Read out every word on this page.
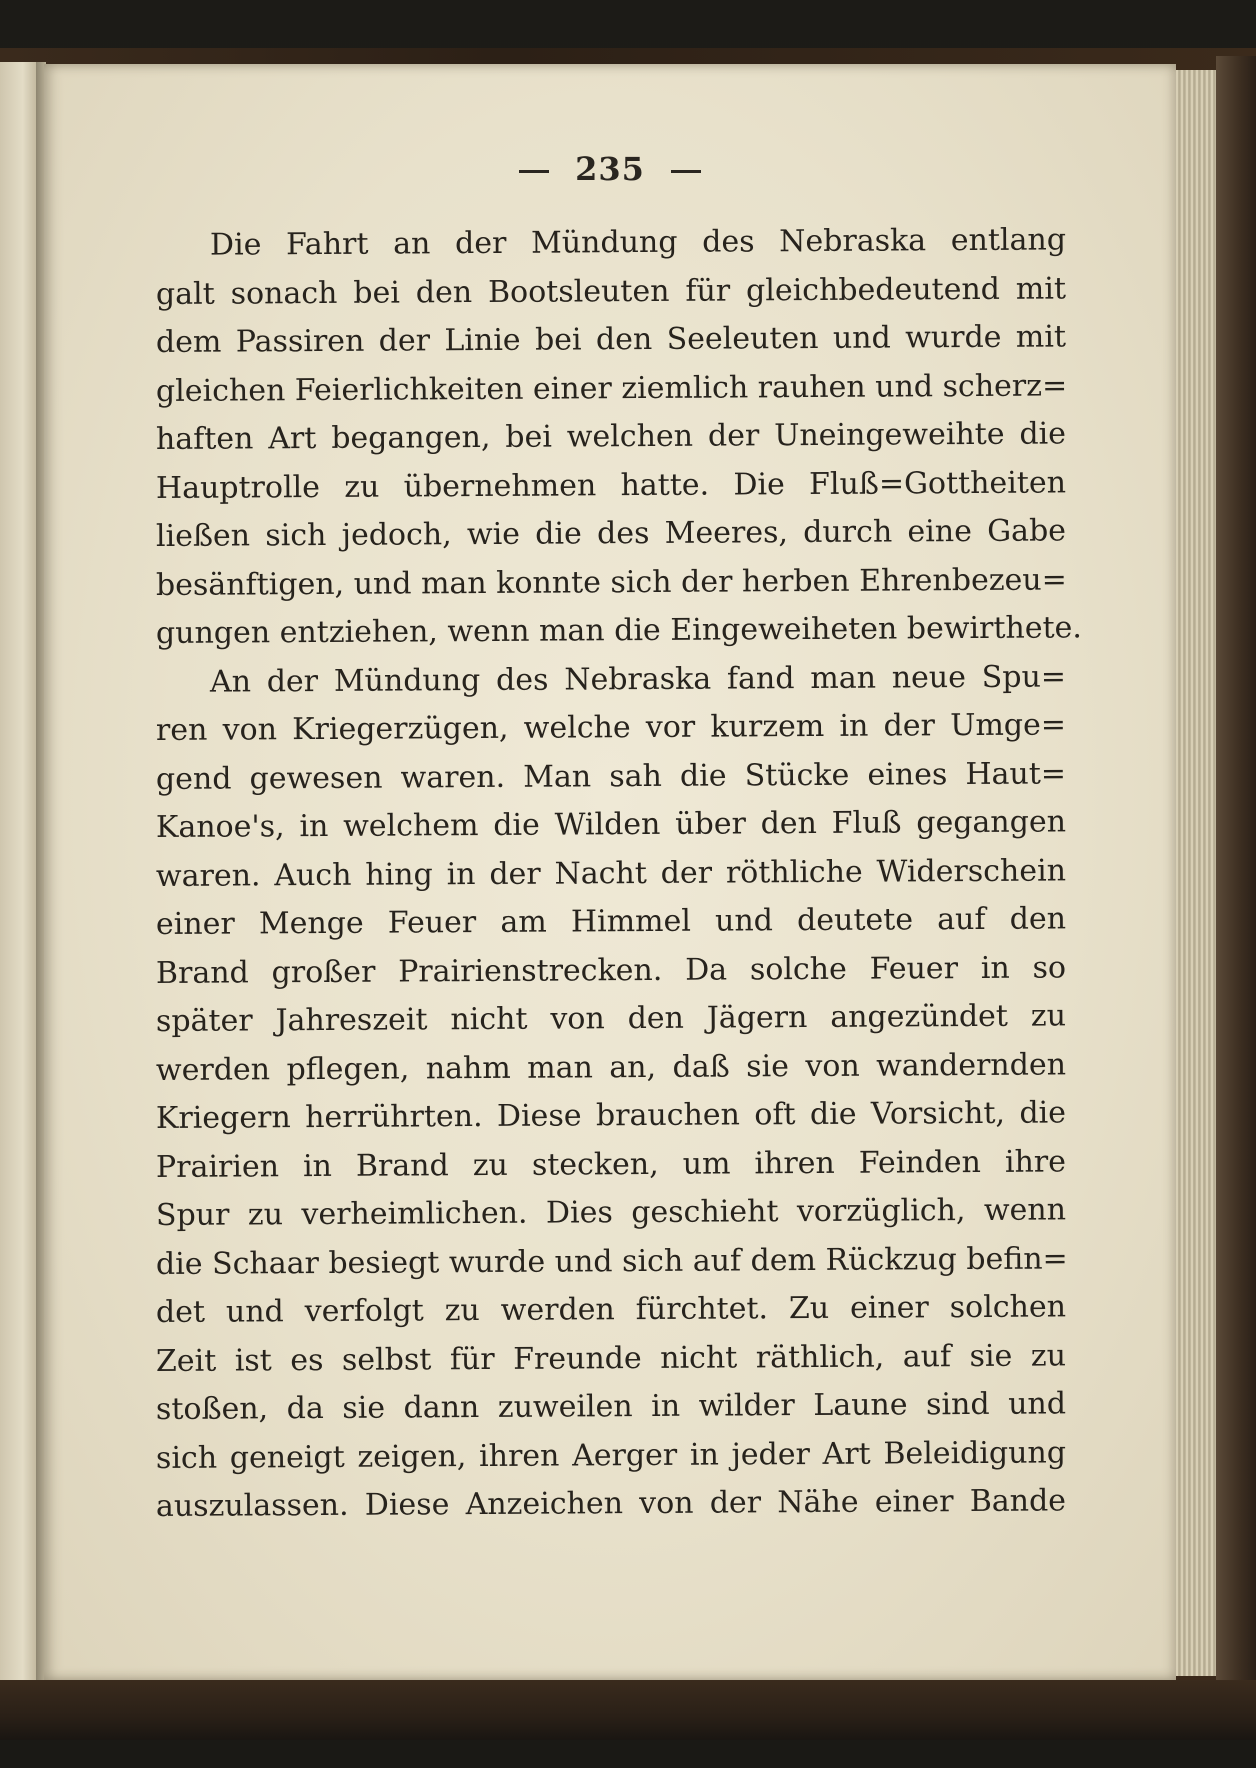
235
Die Fahrt an der Mündung des Nebraska entlang
galt sonach bei den Bootsleuten für gleichbedeutend mit
dem Passiren der Linie bei den Seeleuten und wurde mit
gleichen Feierlichkeiten einer ziemlich rauhen und scherz=
haften Art begangen, bei welchen der Uneingeweihte die
Hauptrolle zu übernehmen hatte. Die Fluß=Gottheiten
ließen sich jedoch, wie die des Meeres, durch eine Gabe
besänftigen, und man konnte sich der herben Ehrenbezeu=
gungen entziehen, wenn man die Eingeweiheten bewirthete.
An der Mündung des Nebraska fand man neue Spu=
ren von Kriegerzügen, welche vor kurzem in der Umge=
gend gewesen waren. Man sah die Stücke eines Haut=
Kanoe's, in welchem die Wilden über den Fluß gegangen
waren. Auch hing in der Nacht der röthliche Widerschein
einer Menge Feuer am Himmel und deutete auf den
Brand großer Prairienstrecken. Da solche Feuer in so
später Jahreszeit nicht von den Jägern angezündet zu
werden pflegen, nahm man an, daß sie von wandernden
Kriegern herrührten. Diese brauchen oft die Vorsicht, die
Prairien in Brand zu stecken, um ihren Feinden ihre
Spur zu verheimlichen. Dies geschieht vorzüglich, wenn
die Schaar besiegt wurde und sich auf dem Rückzug befin=
det und verfolgt zu werden fürchtet. Zu einer solchen
Zeit ist es selbst für Freunde nicht räthlich, auf sie zu
stoßen, da sie dann zuweilen in wilder Laune sind und
sich geneigt zeigen, ihren Aerger in jeder Art Beleidigung
auszulassen. Diese Anzeichen von der Nähe einer Bande
